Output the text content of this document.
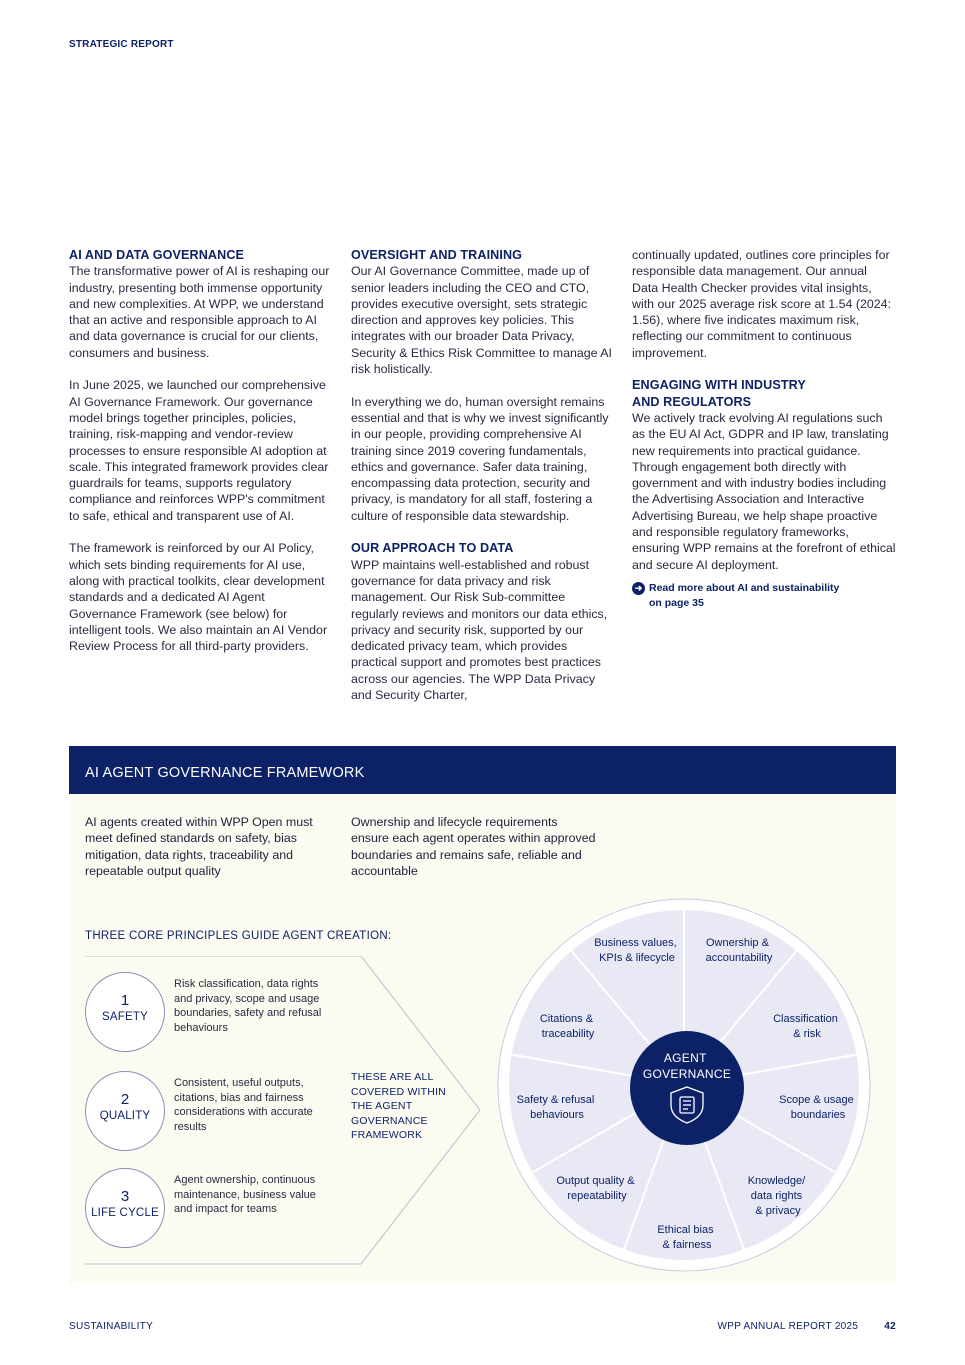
STRATEGIC REPORT
AI AND DATA GOVERNANCE

The transformative power of AI is reshaping our industry, presenting both immense opportunity and new complexities. At WPP, we understand that an active and responsible approach to AI and data governance is crucial for our clients, consumers and business.

In June 2025, we launched our comprehensive AI Governance Framework. Our governance model brings together principles, policies, training, risk-mapping and vendor-review processes to ensure responsible AI adoption at scale. This integrated framework provides clear guardrails for teams, supports regulatory compliance and reinforces WPP's commitment to safe, ethical and transparent use of AI.

The framework is reinforced by our AI Policy, which sets binding requirements for AI use, along with practical toolkits, clear development standards and a dedicated AI Agent Governance Framework (see below) for intelligent tools. We also maintain an AI Vendor Review Process for all third-party providers.

OVERSIGHT AND TRAINING

Our AI Governance Committee, made up of senior leaders including the CEO and CTO, provides executive oversight, sets strategic direction and approves key policies. This integrates with our broader Data Privacy, Security & Ethics Risk Committee to manage AI risk holistically.

In everything we do, human oversight remains essential and that is why we invest significantly in our people, providing comprehensive AI training since 2019 covering fundamentals, ethics and governance. Safer data training, encompassing data protection, security and privacy, is mandatory for all staff, fostering a culture of responsible data stewardship.

OUR APPROACH TO DATA

WPP maintains well-established and robust governance for data privacy and risk management. Our Risk Sub-committee regularly reviews and monitors our data ethics, privacy and security risk, supported by our dedicated privacy team, which provides practical support and promotes best practices across our agencies. The WPP Data Privacy and Security Charter,

continually updated, outlines core principles for responsible data management. Our annual Data Health Checker provides vital insights, with our 2025 average risk score at 1.54 (2024: 1.56), where five indicates maximum risk, reflecting our commitment to continuous improvement.

ENGAGING WITH INDUSTRY
AND REGULATORS

We actively track evolving AI regulations such as the EU AI Act, GDPR and IP law, translating new requirements into practical guidance. Through engagement both directly with government and with industry bodies including the Advertising Association and Interactive Advertising Bureau, we help shape proactive and responsible regulatory frameworks, ensuring WPP remains at the forefront of ethical and secure AI deployment.

➜ Read more about AI and sustainability
on page 35
AI AGENT GOVERNANCE FRAMEWORK
AI agents created within WPP Open must meet defined standards on safety, bias mitigation, data rights, traceability and repeatable output quality
Ownership and lifecycle requirements ensure each agent operates within approved boundaries and remains safe, reliable and accountable
THREE CORE PRINCIPLES GUIDE AGENT CREATION:
1
SAFETY
Risk classification, data rights and privacy, scope and usage boundaries, safety and refusal behaviours
2
QUALITY
Consistent, useful outputs, citations, bias and fairness considerations with accurate results
3
LIFE CYCLE
Agent ownership, continuous maintenance, business value and impact for teams
THESE ARE ALL COVERED WITHIN THE AGENT GOVERNANCE FRAMEWORK
Business values, KPIs & lifecycle
Ownership & accountability
Classification & risk
Scope & usage boundaries
Knowledge/ data rights & privacy
Ethical bias & fairness
Output quality & repeatability
Safety & refusal behaviours
Citations & traceability
AGENT GOVERNANCE
SUSTAINABILITY	WPP ANNUAL REPORT 2025	42
